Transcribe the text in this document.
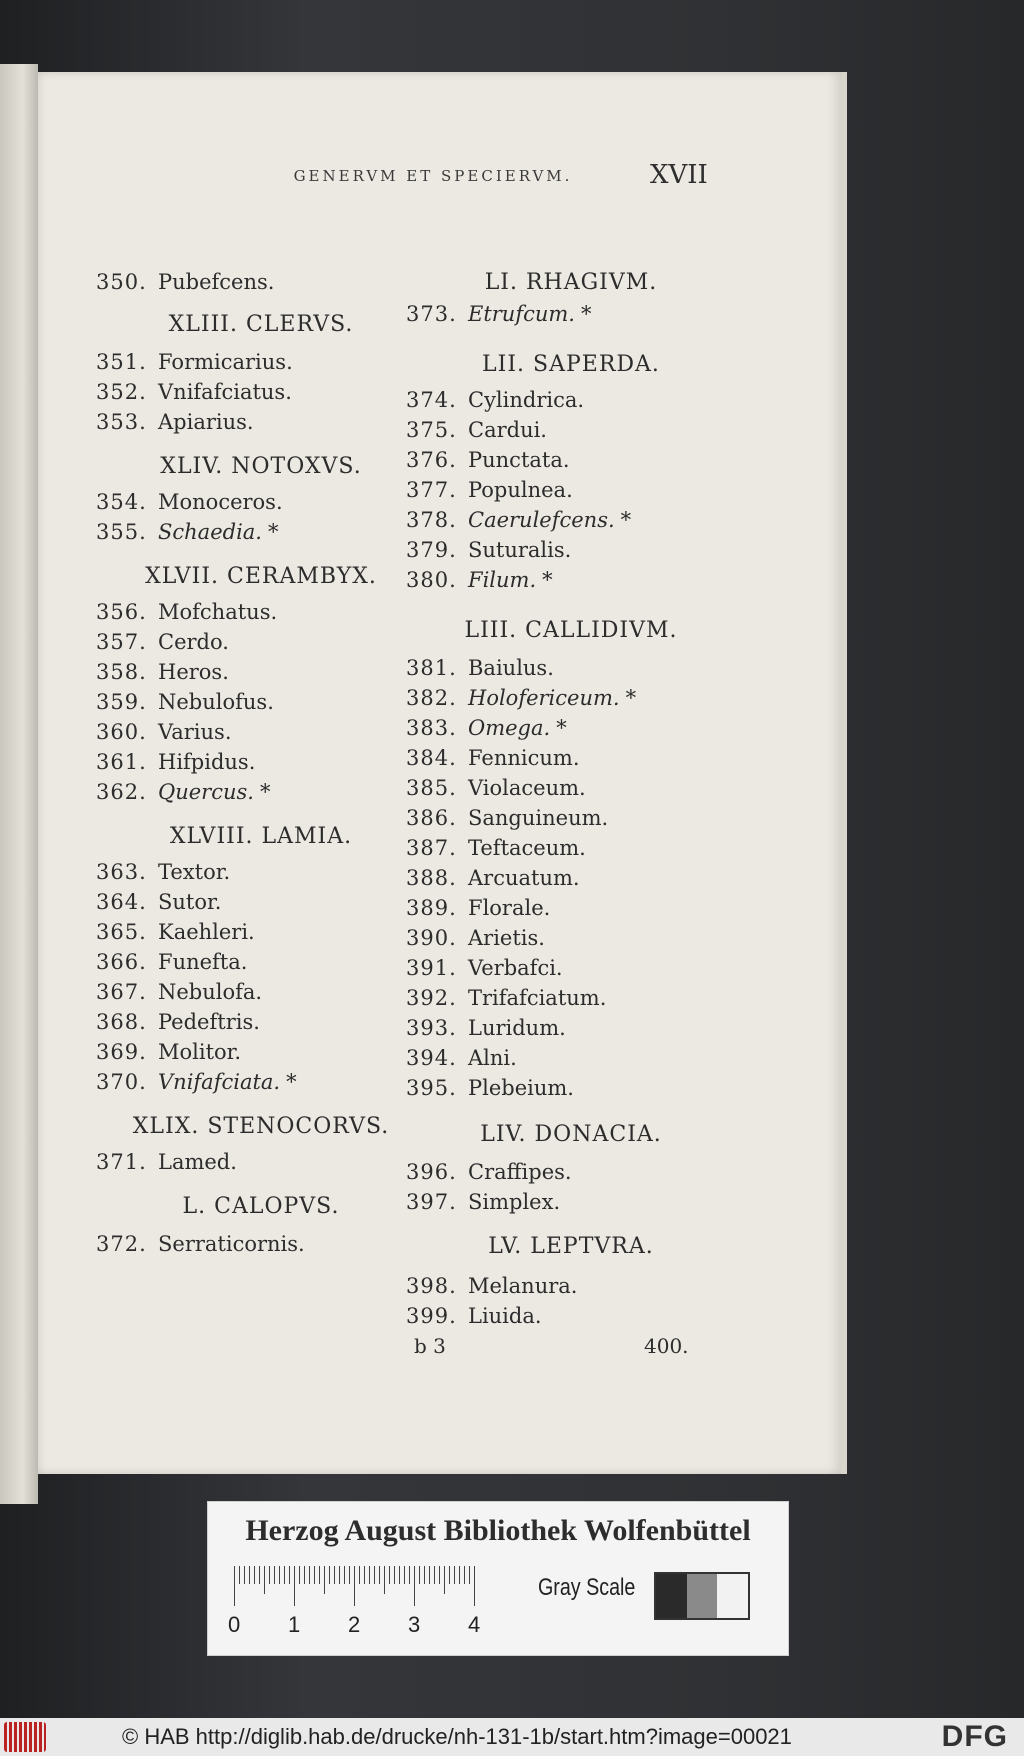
GENERVM ET SPECIERVM.	XVII
350. Pubefcens.
XLIII. CLERVS.
351. Formicarius.
352. Vnifafciatus.
353. Apiarius.
XLIV. NOTOXVS.
354. Monoceros.
355. Schaedia. *
XLVII. CERAMBYX.
356. Mofchatus.
357. Cerdo.
358. Heros.
359. Nebulofus.
360. Varius.
361. Hifpidus.
362. Quercus. *
XLVIII. LAMIA.
363. Textor.
364. Sutor.
365. Kaehleri.
366. Funefta.
367. Nebulofa.
368. Pedeftris.
369. Molitor.
370. Vnifafciata. *
XLIX. STENOCORVS.
371. Lamed.
L. CALOPVS.
372. Serraticornis.
LI. RHAGIVM.
373. Etrufcum. *
LII. SAPERDA.
374. Cylindrica.
375. Cardui.
376. Punctata.
377. Populnea.
378. Caerulefcens. *
379. Suturalis.
380. Filum. *
LIII. CALLIDIVM.
381. Baiulus.
382. Holofericeum. *
383. Omega. *
384. Fennicum.
385. Violaceum.
386. Sanguineum.
387. Teftaceum.
388. Arcuatum.
389. Florale.
390. Arietis.
391. Verbafci.
392. Trifafciatum.
393. Luridum.
394. Alni.
395. Plebeium.
LIV. DONACIA.
396. Craffipes.
397. Simplex.
LV. LEPTVRA.
398. Melanura.
399. Liuida.
b 3	400.
Herzog August Bibliothek Wolfenbüttel
0 1 2 3 4
Gray Scale
© HAB http://diglib.hab.de/drucke/nh-131-1b/start.htm?image=00021	DFG
